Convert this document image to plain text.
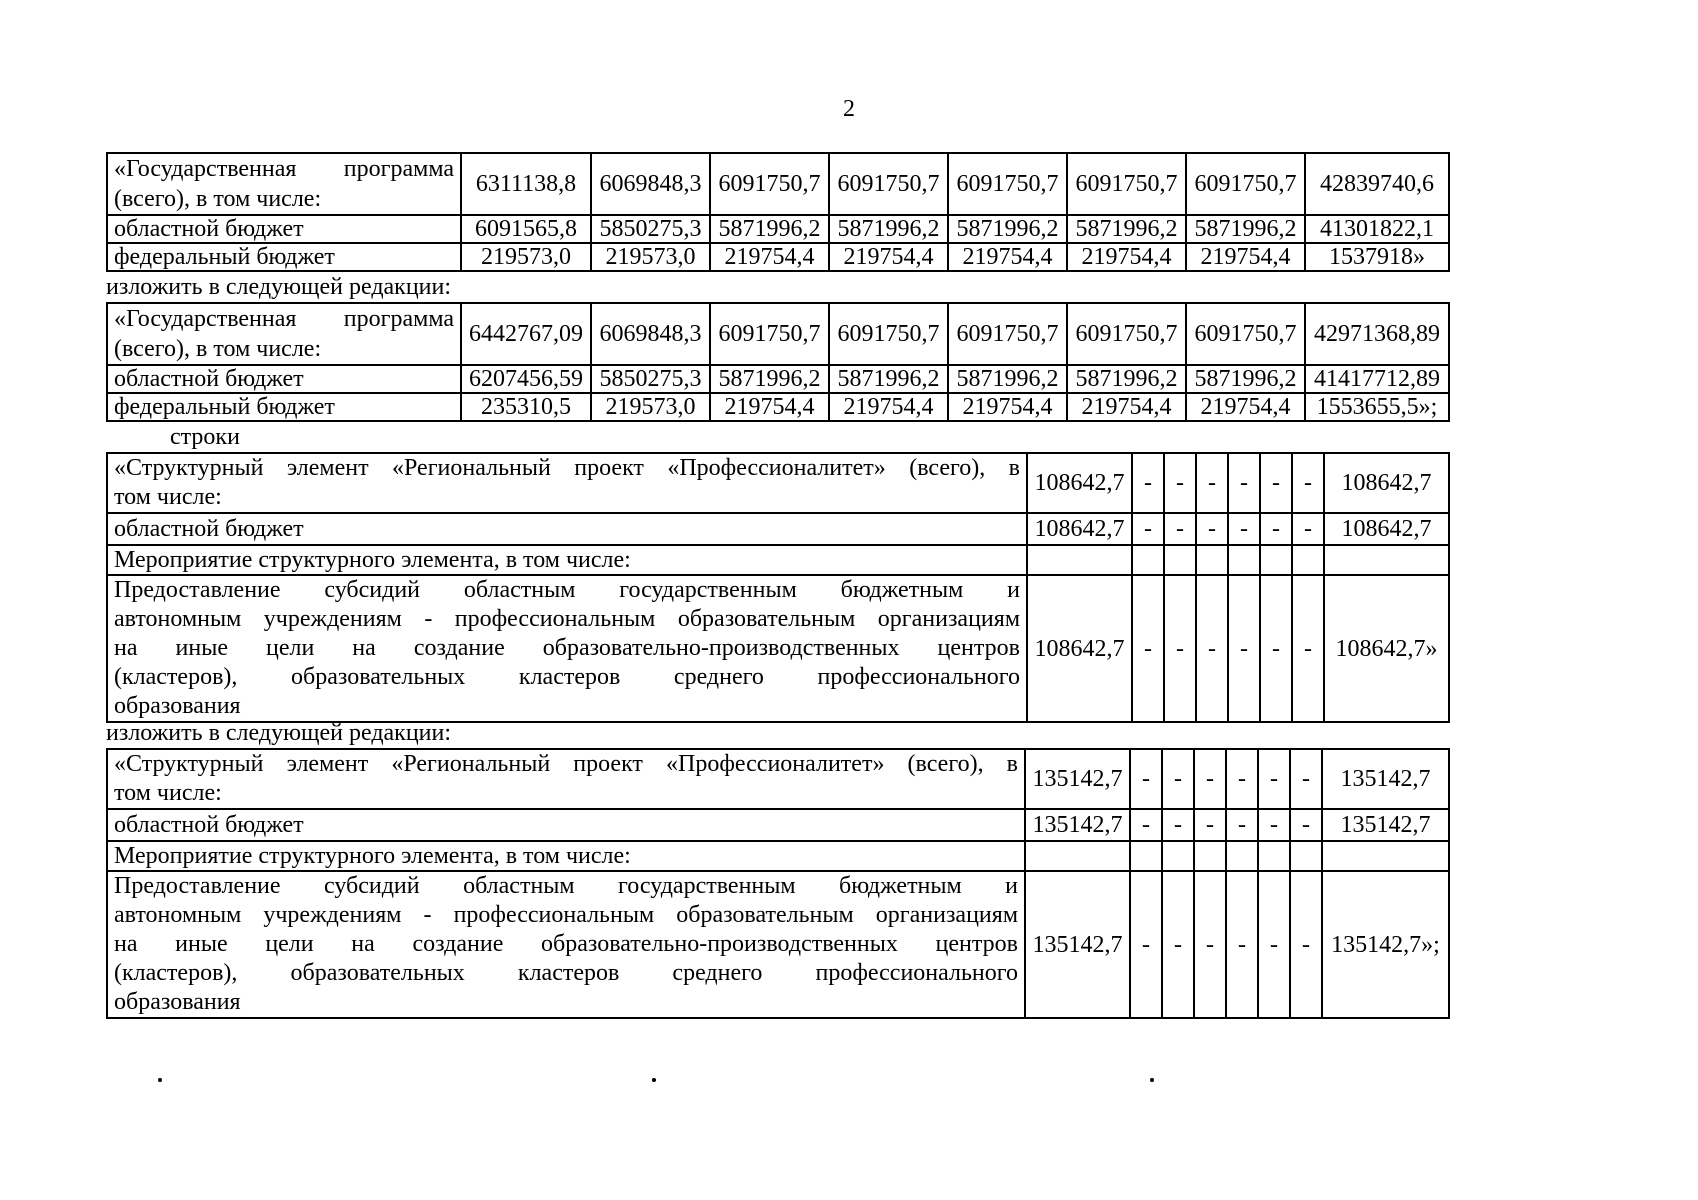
2
«Государственная программа
(всего), в том числе:	6311138,8	6069848,3	6091750,7	6091750,7	6091750,7	6091750,7	6091750,7	42839740,6
областной бюджет	6091565,8	5850275,3	5871996,2	5871996,2	5871996,2	5871996,2	5871996,2	41301822,1
федеральный бюджет	219573,0	219573,0	219754,4	219754,4	219754,4	219754,4	219754,4	1537918»
изложить в следующей редакции:
«Государственная программа
(всего), в том числе:	6442767,09	6069848,3	6091750,7	6091750,7	6091750,7	6091750,7	6091750,7	42971368,89
областной бюджет	6207456,59	5850275,3	5871996,2	5871996,2	5871996,2	5871996,2	5871996,2	41417712,89
федеральный бюджет	235310,5	219573,0	219754,4	219754,4	219754,4	219754,4	219754,4	1553655,5»;
строки
«Структурный элемент «Региональный проект «Профессионалитет» (всего), в
том числе:	108642,7	-	-	-	-	-	-	108642,7

областной бюджет	108642,7	-	-	-	-	-	-	108642,7

Мероприятие структурного элемента, в том числе:								

Предоставление субсидий областным государственным бюджетным и
автономным учреждениям - профессиональным образовательным организациям
на иные цели на создание образовательно-производственных центров
(кластеров), образовательных кластеров среднего профессионального
образования	108642,7	-	-	-	-	-	-	108642,7»
изложить в следующей редакции:
«Структурный элемент «Региональный проект «Профессионалитет» (всего), в
том числе:	135142,7	-	-	-	-	-	-	135142,7

областной бюджет	135142,7	-	-	-	-	-	-	135142,7

Мероприятие структурного элемента, в том числе:								

Предоставление субсидий областным государственным бюджетным и
автономным учреждениям - профессиональным образовательным организациям
на иные цели на создание образовательно-производственных центров
(кластеров), образовательных кластеров среднего профессионального
образования	135142,7	-	-	-	-	-	-	135142,7»;
